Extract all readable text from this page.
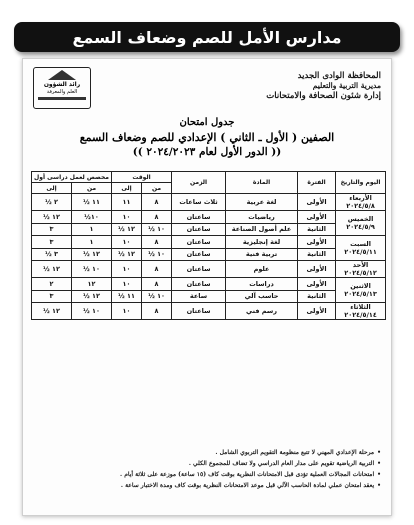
مدارس الأمل للصم وضعاف السمع
المحافظة الوادى الجديد
مديرية التربية والتعليم
إدارة شئون الصحافة والامتحانات
رائد الشؤون
العلم والمعرفة
جدول امتحان
الصفين ( الأول ـ الثاني ) الإعدادي للصم وضعاف السمع
(( الدور الأول لعام ٢٠٢٤/٢٠٢٣ ))
اليوم والتاريخ	الفترة	المادة	الزمن	الوقت		مخصص لعمل دراسى أول	
				من	إلى	من	إلى

الأربعاء
٢٠٢٤/٥/٨	الأولى	لغة عربية	ثلاث ساعات	٨	١١	١١ ½	٢ ½

الخميس
٢٠٢٤/٥/٩	الأولى	رياضيات	ساعتان	٨	١٠	١٠½	١٢ ½
	الثانية	علم أصول الصناعة	ساعتان	١٠ ½	١٢ ½	١	٣

السبت
٢٠٢٤/٥/١١	الأولى	لغة إنجليزية	ساعتان	٨	١٠	١	٣
	الثانية	تربية فنية	ساعتان	١٠ ½	١٢ ½	١٢ ½	٣ ½

الأحد
٢٠٢٤/٥/١٢	الأولى	علوم	ساعتان	٨	١٠	١٠ ½	١٢ ½

الاثنين
٢٠٢٤/٥/١٣	الأولى	دراسات	ساعتان	٨	١٠	١٢	٢
	الثانية	حاسب آلي	ساعة	١٠ ½	١١ ½	١٢ ½	٣

الثلاثاء
٢٠٢٤/٥/١٤	الأولى	رسم فني	ساعتان	٨	١٠	١٠ ½	١٢ ½
• مرحلة الإعدادي المهني لا تتبع منظومة التقويم التربوي الشامل .
• التربية الرياضية تقويم على مدار العام الدراسي ولا تضاف للمجموع الكلي .
• امتحانات المجالات العملية تؤدى قبل الامتحانات النظرية بوقت كاف (١٥ ساعة) موزعة على ثلاثة أيام .
• يعقد امتحان عملي لمادة الحاسب الآلي قبل موعد الامتحانات النظرية بوقت كاف ومدة الاختبار ساعة .
